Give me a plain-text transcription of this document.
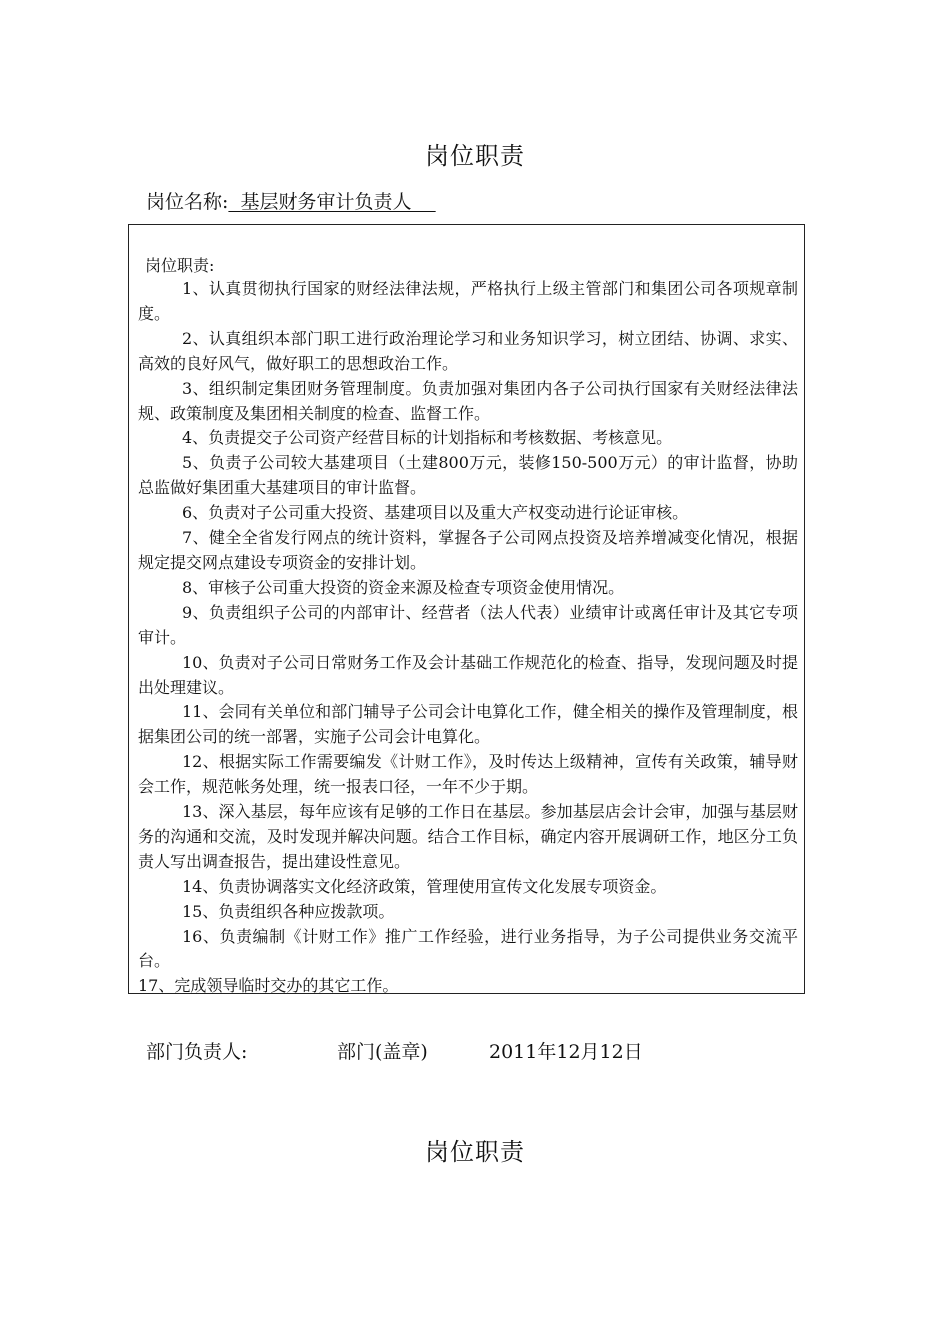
岗位职责
岗位名称:  基层财务审计负责人
岗位职责:
1、认真贯彻执行国家的财经法律法规，严格执行上级主管部门和集团公司各项规章制度。
2、认真组织本部门职工进行政治理论学习和业务知识学习，树立团结、协调、求实、高效的良好风气，做好职工的思想政治工作。
3、组织制定集团财务管理制度。负责加强对集团内各子公司执行国家有关财经法律法规、政策制度及集团相关制度的检查、监督工作。
4、负责提交子公司资产经营目标的计划指标和考核数据、考核意见。
5、负责子公司较大基建项目（土建800万元，装修150-500万元）的审计监督，协助总监做好集团重大基建项目的审计监督。
6、负责对子公司重大投资、基建项目以及重大产权变动进行论证审核。
7、健全全省发行网点的统计资料，掌握各子公司网点投资及培养增减变化情况，根据规定提交网点建设专项资金的安排计划。
8、审核子公司重大投资的资金来源及检查专项资金使用情况。
9、负责组织子公司的内部审计、经营者（法人代表）业绩审计或离任审计及其它专项审计。
10、负责对子公司日常财务工作及会计基础工作规范化的检查、指导，发现问题及时提出处理建议。
11、会同有关单位和部门辅导子公司会计电算化工作，健全相关的操作及管理制度，根据集团公司的统一部署，实施子公司会计电算化。
12、根据实际工作需要编发《计财工作》，及时传达上级精神，宣传有关政策，辅导财会工作，规范帐务处理，统一报表口径，一年不少于期。
13、深入基层，每年应该有足够的工作日在基层。参加基层店会计会审，加强与基层财务的沟通和交流，及时发现并解决问题。结合工作目标，确定内容开展调研工作，地区分工负责人写出调查报告，提出建设性意见。
14、负责协调落实文化经济政策，管理使用宣传文化发展专项资金。
15、负责组织各种应拨款项。
16、负责编制《计财工作》推广工作经验，进行业务指导，为子公司提供业务交流平台。
17、完成领导临时交办的其它工作。
部门负责人:	部门(盖章)	2011年12月12日
岗位职责
